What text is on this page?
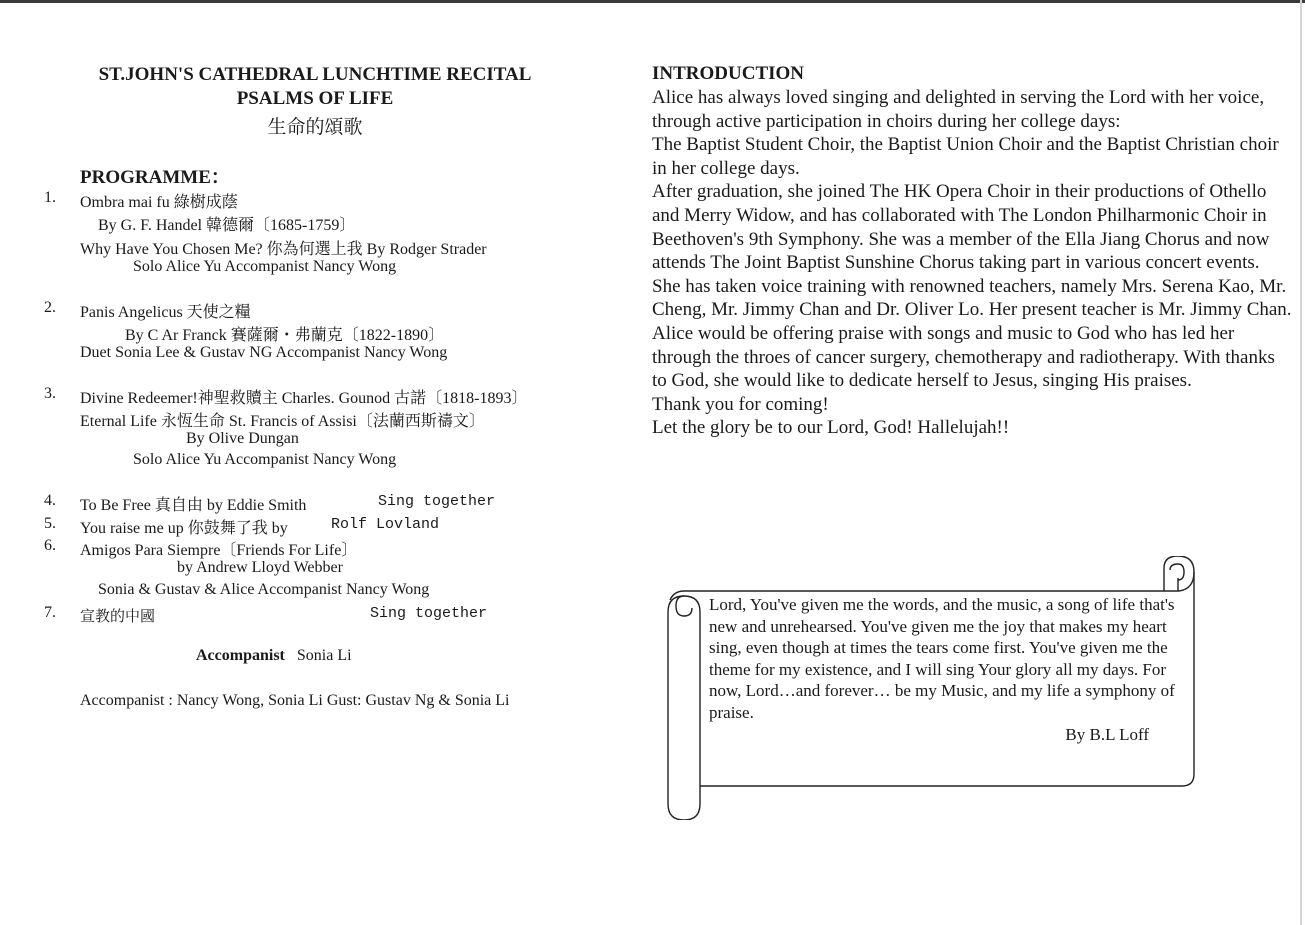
ST.JOHN'S CATHEDRAL LUNCHTIME RECITAL
PSALMS OF LIFE
生命的頌歌
PROGRAMME：
1. Ombra mai fu 綠樹成蔭
By G. F. Handel 韓德爾〔1685-1759〕
Why Have You Chosen Me? 你為何選上我 By Rodger Strader
Solo Alice Yu Accompanist Nancy Wong
2. Panis Angelicus 天使之糧
By C Ar Franck 賽薩爾・弗蘭克〔1822-1890〕
Duet Sonia Lee & Gustav NG Accompanist Nancy Wong
3. Divine Redeemer!神聖救贖主 Charles. Gounod 古諾〔1818-1893〕
Eternal Life 永恆生命 St. Francis of Assisi〔法蘭西斯禱文〕
By Olive Dungan
Solo Alice Yu Accompanist Nancy Wong
4. To Be Free 真自由 by Eddie Smith	Sing together
5. You raise me up 你鼓舞了我 by	Rolf Lovland
6. Amigos Para Siempre〔Friends For Life〕
by Andrew Lloyd Webber
Sonia & Gustav & Alice Accompanist Nancy Wong
7. 宣教的中國	Sing together
Accompanist Sonia Li
Accompanist : Nancy Wong, Sonia Li Gust: Gustav Ng & Sonia Li
INTRODUCTION

Alice has always loved singing and delighted in serving the Lord with her voice, through active participation in choirs during her college days:

The Baptist Student Choir, the Baptist Union Choir and the Baptist Christian choir in her college days.

After graduation, she joined The HK Opera Choir in their productions of Othello and Merry Widow, and has collaborated with The London Philharmonic Choir in Beethoven's 9th Symphony. She was a member of the Ella Jiang Chorus and now attends The Joint Baptist Sunshine Chorus taking part in various concert events.

She has taken voice training with renowned teachers, namely Mrs. Serena Kao, Mr. Cheng, Mr. Jimmy Chan and Dr. Oliver Lo. Her present teacher is Mr. Jimmy Chan.

Alice would be offering praise with songs and music to God who has led her through the throes of cancer surgery, chemotherapy and radiotherapy. With thanks to God, she would like to dedicate herself to Jesus, singing His praises.

Thank you for coming!

Let the glory be to our Lord, God! Hallelujah!!

Lord, You've given me the words, and the music, a song of life that's new and unrehearsed. You've given me the joy that makes my heart sing, even though at times the tears come first. You've given me the theme for my existence, and I will sing Your glory all my days. For now, Lord…and forever… be my Music, and my life a symphony of praise.

By B.L Loff
